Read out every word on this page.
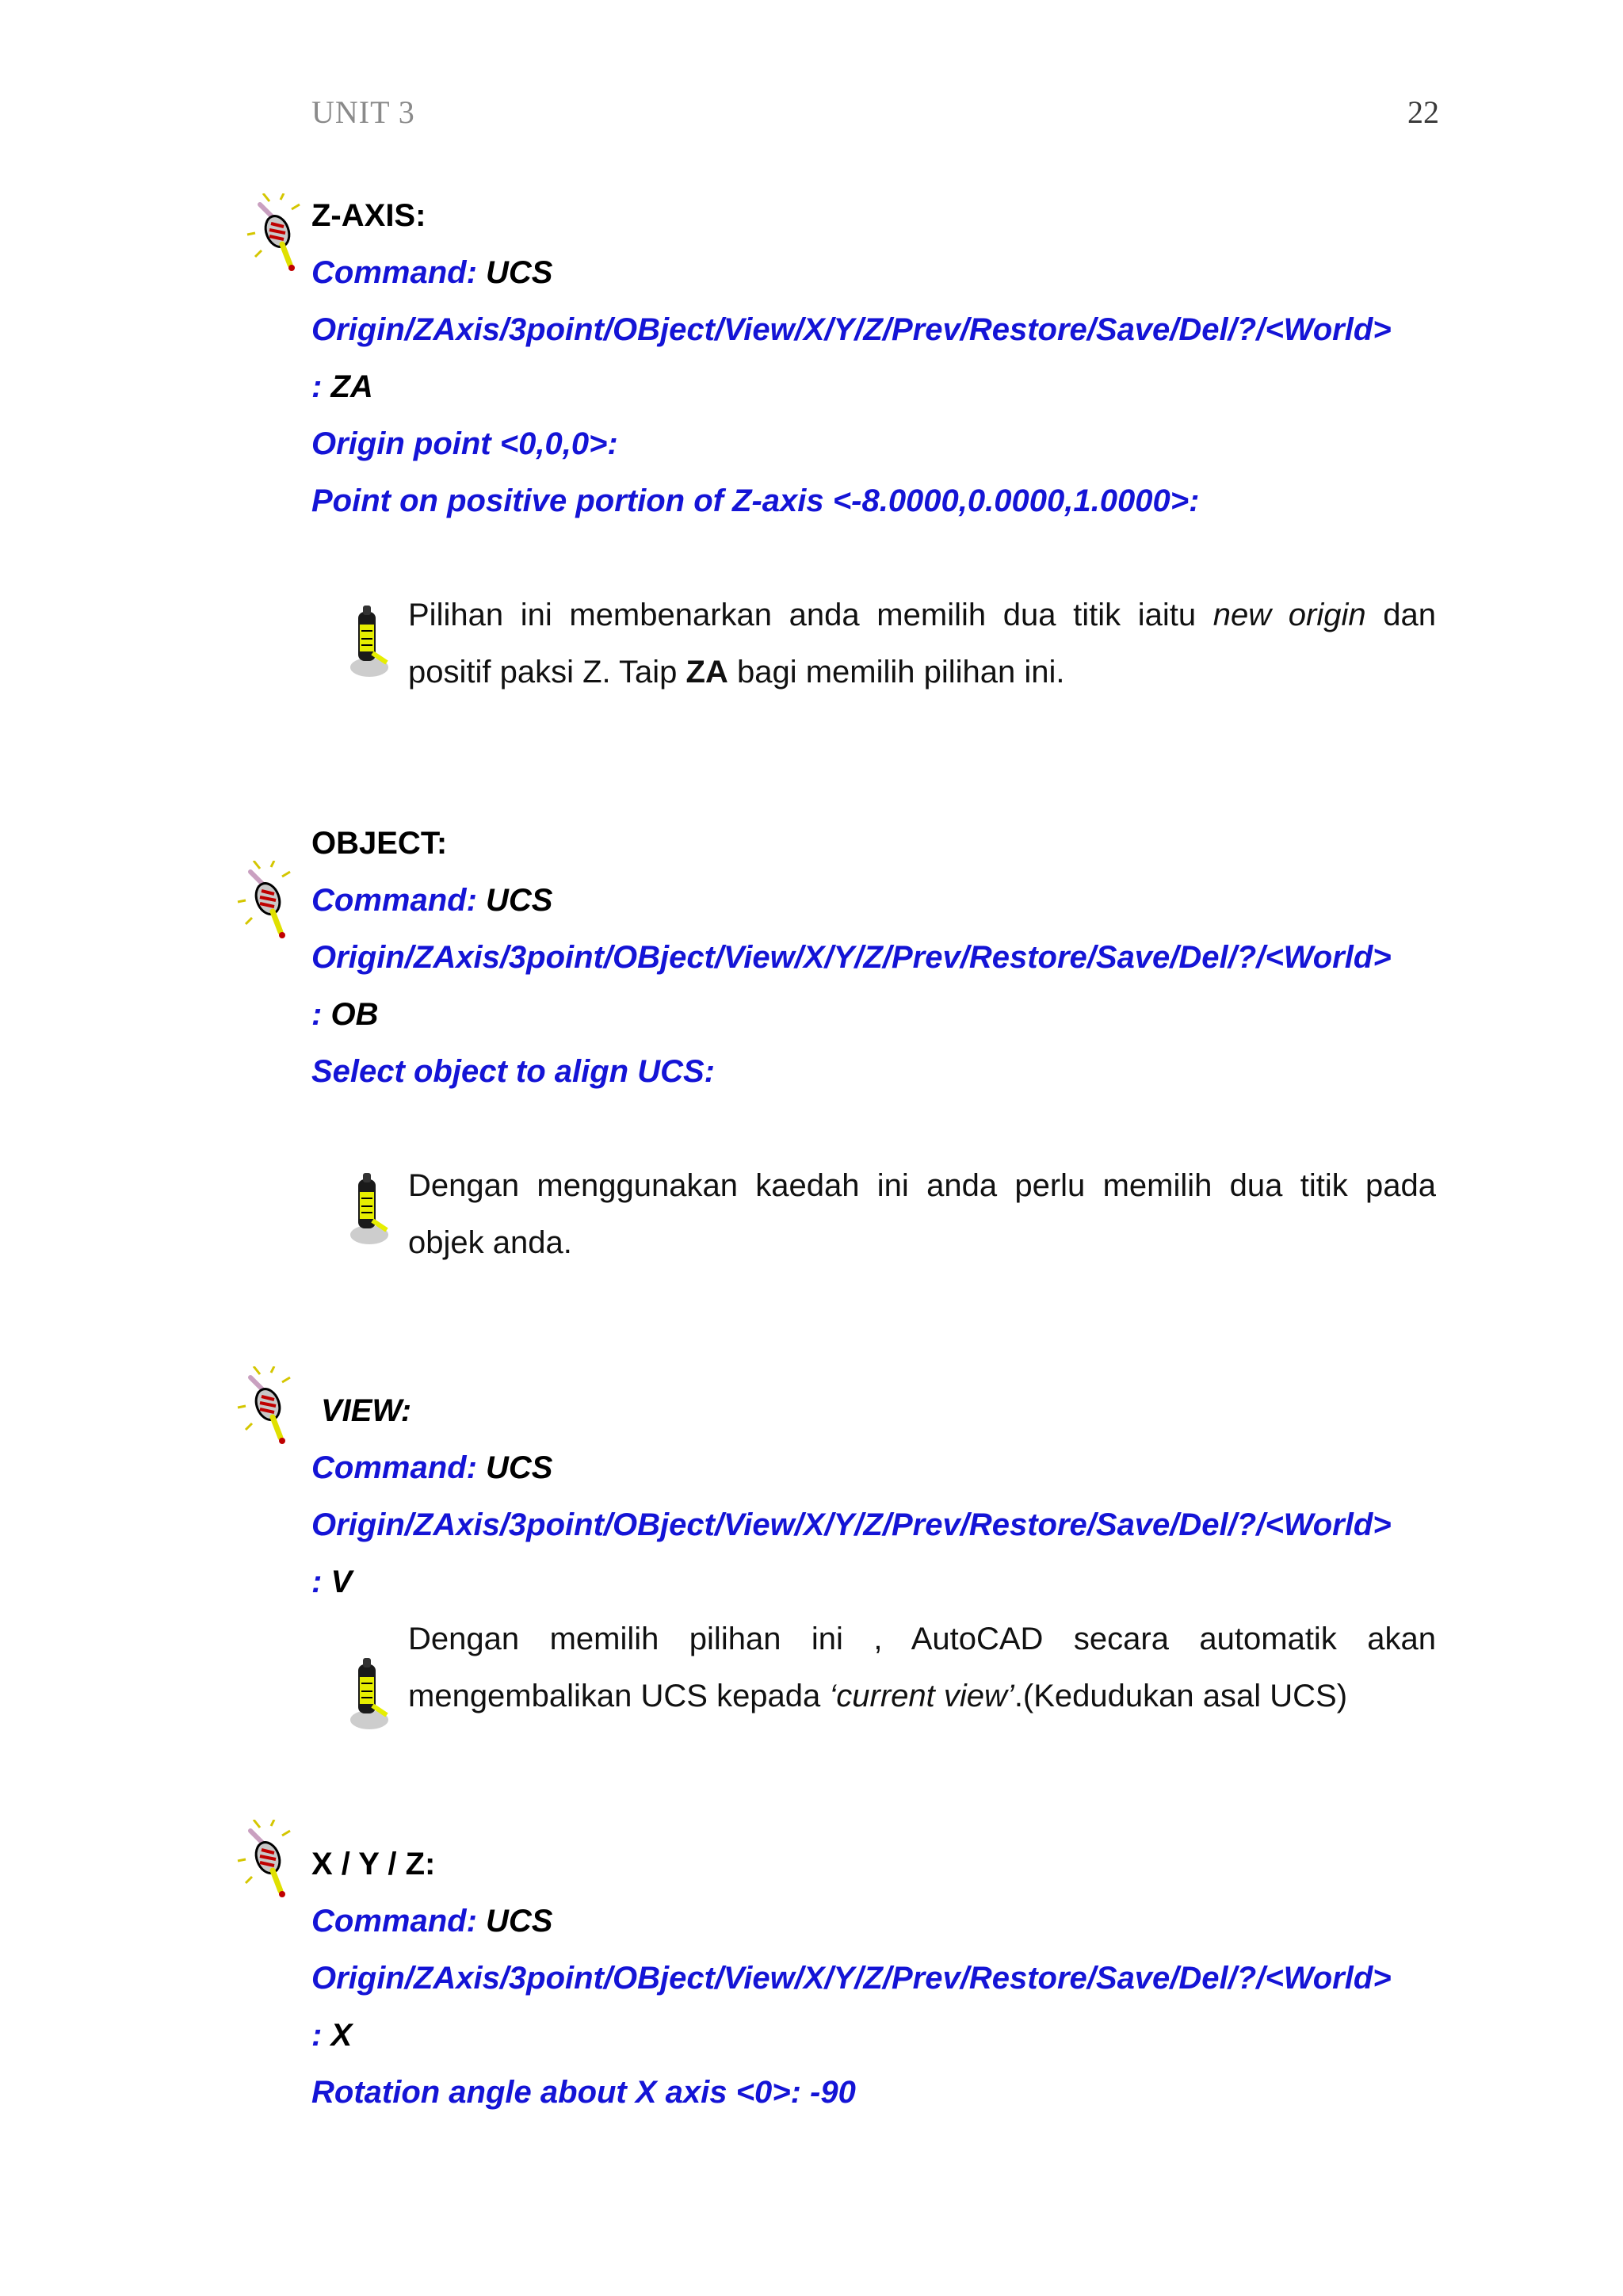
UNIT 3	22
Z-AXIS:
Command: UCS
Origin/ZAxis/3point/OBject/View/X/Y/Z/Prev/Restore/Save/Del/?/<World>
: ZA
Origin point <0,0,0>:
Point on positive portion of Z-axis <-8.0000,0.0000,1.0000>:
Pilihan ini membenarkan anda memilih dua titik iaitu new origin dan positif paksi Z. Taip ZA bagi memilih pilihan ini.
OBJECT:
Command: UCS
Origin/ZAxis/3point/OBject/View/X/Y/Z/Prev/Restore/Save/Del/?/<World>
: OB
Select object to align UCS:
Dengan menggunakan kaedah ini anda perlu memilih dua titik pada objek anda.
VIEW:
Command: UCS
Origin/ZAxis/3point/OBject/View/X/Y/Z/Prev/Restore/Save/Del/?/<World>
: V
Dengan memilih pilihan ini , AutoCAD secara automatik akan mengembalikan UCS kepada ‘current view’.(Kedudukan asal UCS)
X / Y / Z:
Command: UCS
Origin/ZAxis/3point/OBject/View/X/Y/Z/Prev/Restore/Save/Del/?/<World>
: X
Rotation angle about X axis <0>: -90
